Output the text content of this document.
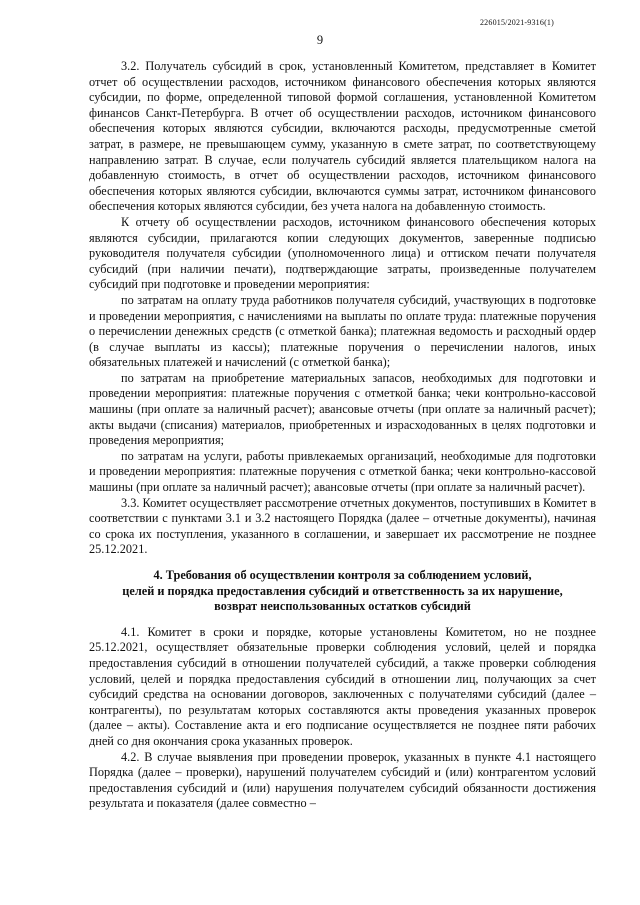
226015/2021-9316(1)
9

3.2. Получатель субсидий в срок, установленный Комитетом, представляет в Комитет отчет об осуществлении расходов, источником финансового обеспечения которых являются субсидии, по форме, определенной типовой формой соглашения, установленной Комитетом финансов Санкт-Петербурга. В отчет об осуществлении расходов, источником финансового обеспечения которых являются субсидии, включаются расходы, предусмотренные сметой затрат, в размере, не превышающем сумму, указанную в смете затрат, по соответствующему направлению затрат. В случае, если получатель субсидий является плательщиком налога на добавленную стоимость, в отчет об осуществлении расходов, источником финансового обеспечения которых являются субсидии, включаются суммы затрат, источником финансового обеспечения которых являются субсидии, без учета налога на добавленную стоимость.

К отчету об осуществлении расходов, источником финансового обеспечения которых являются субсидии, прилагаются копии следующих документов, заверенные подписью руководителя получателя субсидии (уполномоченного лица) и оттиском печати получателя субсидий (при наличии печати), подтверждающие затраты, произведенные получателем субсидий при подготовке и проведении мероприятия:

по затратам на оплату труда работников получателя субсидий, участвующих в подготовке и проведении мероприятия, с начислениями на выплаты по оплате труда: платежные поручения о перечислении денежных средств (с отметкой банка); платежная ведомость и расходный ордер (в случае выплаты из кассы); платежные поручения о перечислении налогов, иных обязательных платежей и начислений (с отметкой банка);

по затратам на приобретение материальных запасов, необходимых для подготовки и проведении мероприятия: платежные поручения с отметкой банка; чеки контрольно-кассовой машины (при оплате за наличный расчет); авансовые отчеты (при оплате за наличный расчет); акты выдачи (списания) материалов, приобретенных и израсходованных в целях подготовки и проведения мероприятия;

по затратам на услуги, работы привлекаемых организаций, необходимые для подготовки и проведении мероприятия: платежные поручения с отметкой банка; чеки контрольно-кассовой машины (при оплате за наличный расчет); авансовые отчеты (при оплате за наличный расчет).

3.3. Комитет осуществляет рассмотрение отчетных документов, поступивших в Комитет в соответствии с пунктами 3.1 и 3.2 настоящего Порядка (далее – отчетные документы), начиная со срока их поступления, указанного в соглашении, и завершает их рассмотрение не позднее 25.12.2021.

4. Требования об осуществлении контроля за соблюдением условий,
целей и порядка предоставления субсидий и ответственность за их нарушение,
возврат неиспользованных остатков субсидий

4.1. Комитет в сроки и порядке, которые установлены Комитетом, но не позднее 25.12.2021, осуществляет обязательные проверки соблюдения условий, целей и порядка предоставления субсидий в отношении получателей субсидий, а также проверки соблюдения условий, целей и порядка предоставления субсидий в отношении лиц, получающих за счет субсидий средства на основании договоров, заключенных с получателями субсидий (далее – контрагенты), по результатам которых составляются акты проведения указанных проверок (далее – акты). Составление акта и его подписание осуществляется не позднее пяти рабочих дней со дня окончания срока указанных проверок.

4.2. В случае выявления при проведении проверок, указанных в пункте 4.1 настоящего Порядка (далее – проверки), нарушений получателем субсидий и (или) контрагентом условий предоставления субсидий и (или) нарушения получателем субсидий обязанности достижения результата и показателя (далее совместно –
